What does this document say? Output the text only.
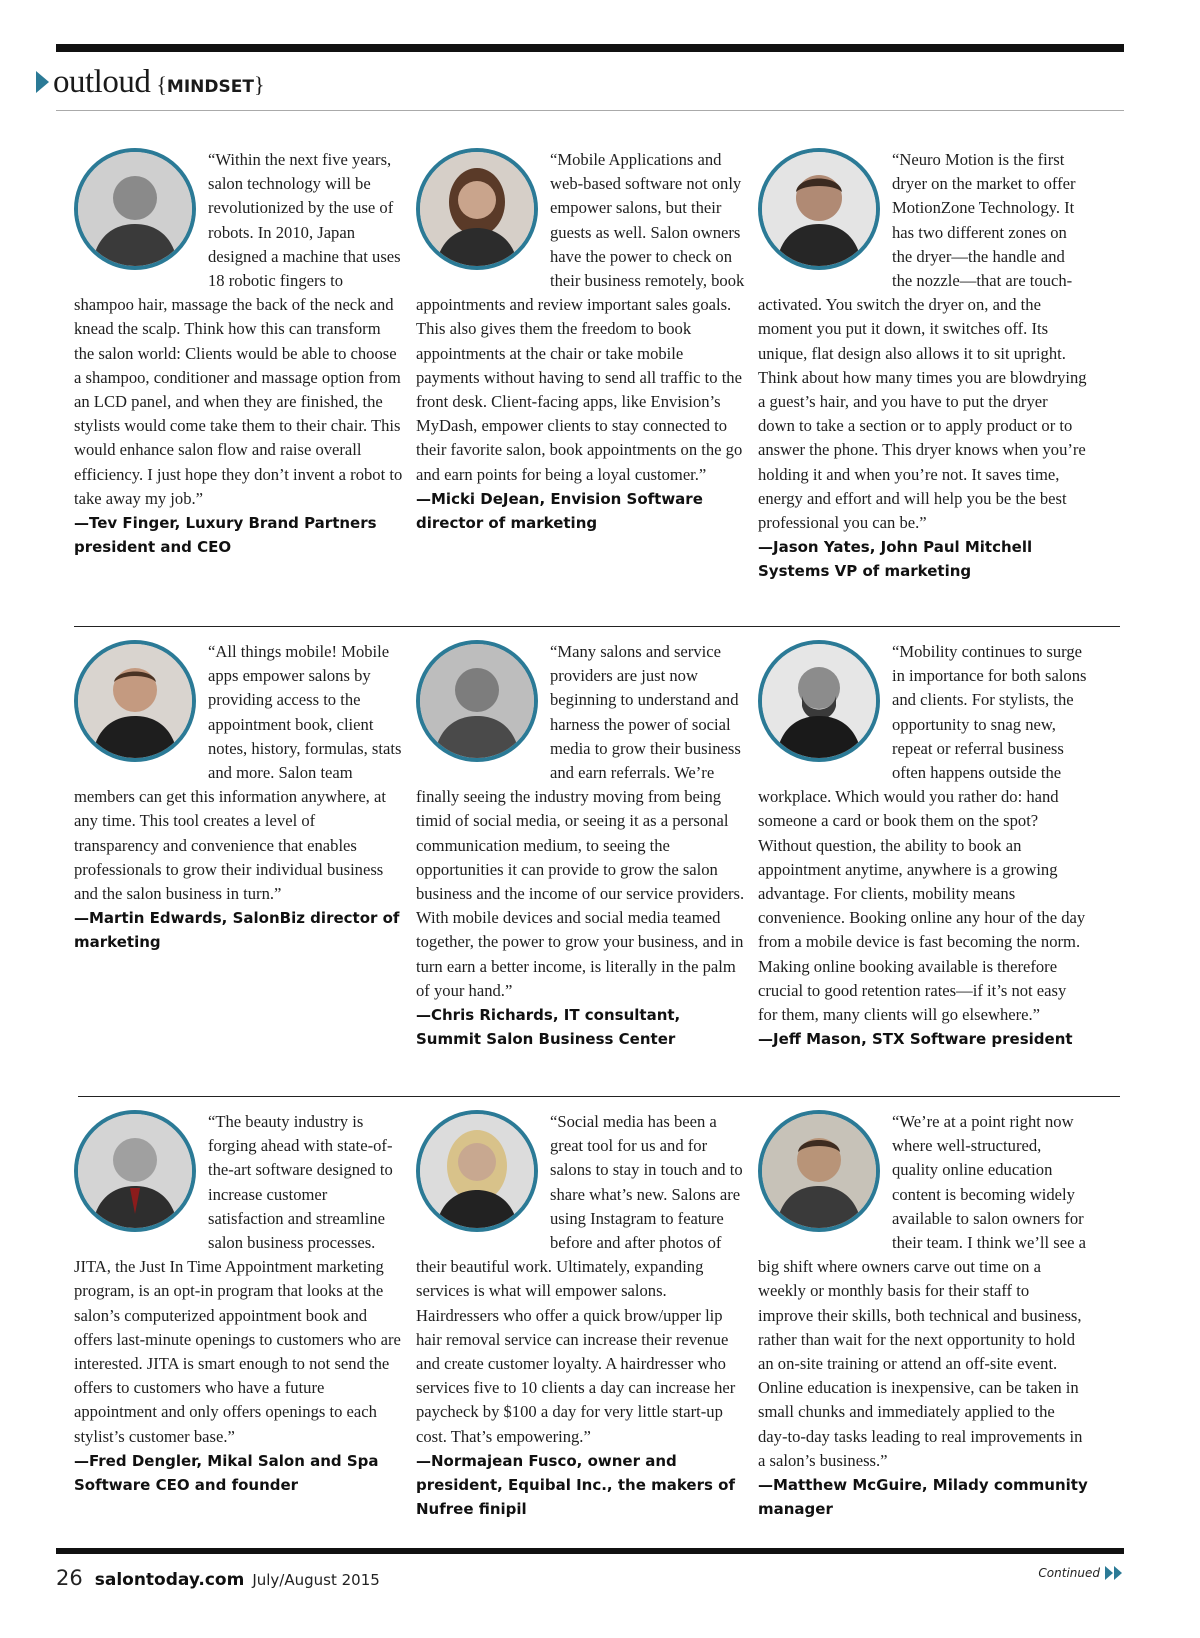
outloud {MINDSET}

“Within the next five years, salon technology will be revolutionized by the use of robots. In 2010, Japan designed a machine that uses 18 robotic fingers to shampoo hair, massage the back of the neck and knead the scalp. Think how this can transform the salon world: Clients would be able to choose a shampoo, conditioner and massage option from an LCD panel, and when they are finished, the stylists would come take them to their chair. This would enhance salon flow and raise overall efficiency. I just hope they don’t invent a robot to take away my job.”

—Tev Finger, Luxury Brand Partners president and CEO

“Mobile Applications and web-based software not only empower salons, but their guests as well. Salon owners have the power to check on their business remotely, book appointments and review important sales goals. This also gives them the freedom to book appointments at the chair or take mobile payments without having to send all traffic to the front desk. Client-facing apps, like Envision’s MyDash, empower clients to stay connected to their favorite salon, book appointments on the go and earn points for being a loyal customer.”

—Micki DeJean, Envision Software director of marketing

“Neuro Motion is the first dryer on the market to offer MotionZone Technology. It has two different zones on the dryer—the handle and the nozzle—that are touch-activated. You switch the dryer on, and the moment you put it down, it switches off. Its unique, flat design also allows it to sit upright. Think about how many times you are blowdrying a guest’s hair, and you have to put the dryer down to take a section or to apply product or to answer the phone. This dryer knows when you’re holding it and when you’re not. It saves time, energy and effort and will help you be the best professional you can be.”

—Jason Yates, John Paul Mitchell Systems VP of marketing

“All things mobile! Mobile apps empower salons by providing access to the appointment book, client notes, history, formulas, stats and more. Salon team members can get this information anywhere, at any time. This tool creates a level of transparency and convenience that enables professionals to grow their individual business and the salon business in turn.”

—Martin Edwards, SalonBiz director of marketing

“Many salons and service providers are just now beginning to understand and harness the power of social media to grow their business and earn referrals. We’re finally seeing the industry moving from being timid of social media, or seeing it as a personal communication medium, to seeing the opportunities it can provide to grow the salon business and the income of our service providers. With mobile devices and social media teamed together, the power to grow your business, and in turn earn a better income, is literally in the palm of your hand.”

—Chris Richards, IT consultant, Summit Salon Business Center

“Mobility continues to surge in importance for both salons and clients. For stylists, the opportunity to snag new, repeat or referral business often happens outside the workplace. Which would you rather do: hand someone a card or book them on the spot? Without question, the ability to book an appointment anytime, anywhere is a growing advantage. For clients, mobility means convenience. Booking online any hour of the day from a mobile device is fast becoming the norm. Making online booking available is therefore crucial to good retention rates—if it’s not easy for them, many clients will go elsewhere.”

—Jeff Mason, STX Software president

“The beauty industry is forging ahead with state-of-the-art software designed to increase customer satisfaction and streamline salon business processes. JITA, the Just In Time Appointment marketing program, is an opt-in program that looks at the salon’s computerized appointment book and offers last-minute openings to customers who are interested. JITA is smart enough to not send the offers to customers who have a future appointment and only offers openings to each stylist’s customer base.”

—Fred Dengler, Mikal Salon and Spa Software CEO and founder

“Social media has been a great tool for us and for salons to stay in touch and to share what’s new. Salons are using Instagram to feature before and after photos of their beautiful work. Ultimately, expanding services is what will empower salons. Hairdressers who offer a quick brow/upper lip hair removal service can increase their revenue and create customer loyalty. A hairdresser who services five to 10 clients a day can increase her paycheck by $100 a day for very little start-up cost. That’s empowering.”

—Normajean Fusco, owner and president, Equibal Inc., the makers of Nufree finipil

“We’re at a point right now where well-structured, quality online education content is becoming widely available to salon owners for their team. I think we’ll see a big shift where owners carve out time on a weekly or monthly basis for their staff to improve their skills, both technical and business, rather than wait for the next opportunity to hold an on-site training or attend an off-site event. Online education is inexpensive, can be taken in small chunks and immediately applied to the day-to-day tasks leading to real improvements in a salon’s business.”

—Matthew McGuire, Milady community manager

26 salontoday.com July/August 2015	Continued
